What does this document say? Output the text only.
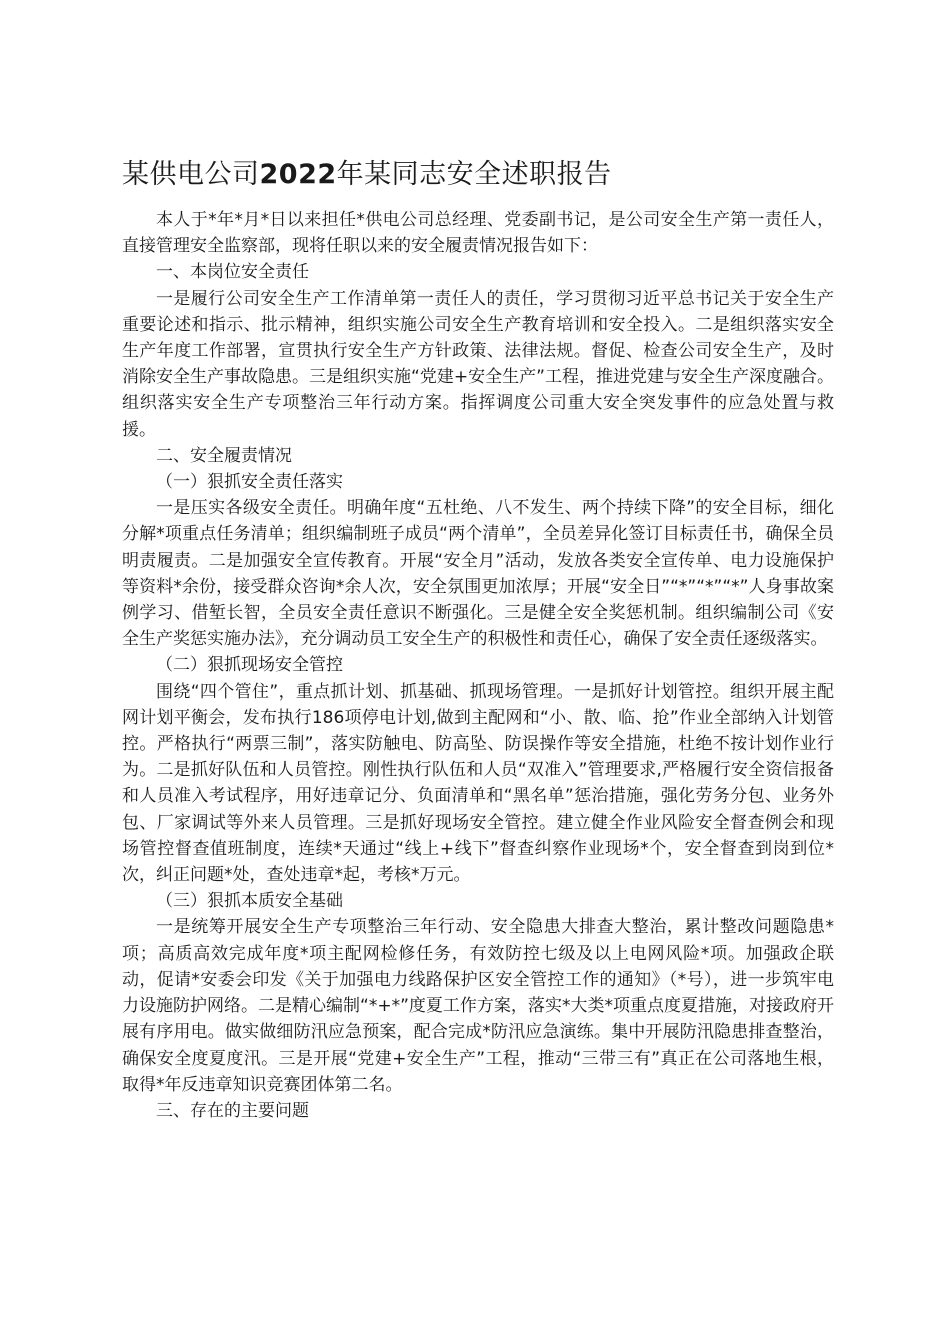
某供电公司2022年某同志安全述职报告

本人于*年*月*日以来担任*供电公司总经理、党委副书记，是公司安全生产第一责任人，直接管理安全监察部，现将任职以来的安全履责情况报告如下：

一、本岗位安全责任

一是履行公司安全生产工作清单第一责任人的责任，学习贯彻习近平总书记关于安全生产重要论述和指示、批示精神，组织实施公司安全生产教育培训和安全投入。二是组织落实安全生产年度工作部署，宣贯执行安全生产方针政策、法律法规。督促、检查公司安全生产，及时消除安全生产事故隐患。三是组织实施“党建+安全生产”工程，推进党建与安全生产深度融合。组织落实安全生产专项整治三年行动方案。指挥调度公司重大安全突发事件的应急处置与救援。

二、安全履责情况

（一）狠抓安全责任落实

一是压实各级安全责任。明确年度“五杜绝、八不发生、两个持续下降”的安全目标，细化分解*项重点任务清单；组织编制班子成员“两个清单”，全员差异化签订目标责任书，确保全员明责履责。二是加强安全宣传教育。开展“安全月”活动，发放各类安全宣传单、电力设施保护等资料*余份，接受群众咨询*余人次，安全氛围更加浓厚；开展“安全日”“*”“*”“*”人身事故案例学习、借堑长智，全员安全责任意识不断强化。三是健全安全奖惩机制。组织编制公司《安全生产奖惩实施办法》，充分调动员工安全生产的积极性和责任心，确保了安全责任逐级落实。

（二）狠抓现场安全管控

围绕“四个管住”，重点抓计划、抓基础、抓现场管理。一是抓好计划管控。组织开展主配网计划平衡会，发布执行186项停电计划,做到主配网和“小、散、临、抢”作业全部纳入计划管控。严格执行“两票三制”，落实防触电、防高坠、防误操作等安全措施，杜绝不按计划作业行为。二是抓好队伍和人员管控。刚性执行队伍和人员“双准入”管理要求,严格履行安全资信报备和人员准入考试程序，用好违章记分、负面清单和“黑名单”惩治措施，强化劳务分包、业务外包、厂家调试等外来人员管理。三是抓好现场安全管控。建立健全作业风险安全督查例会和现场管控督查值班制度，连续*天通过“线上+线下”督查纠察作业现场*个，安全督查到岗到位*次，纠正问题*处，查处违章*起，考核*万元。

（三）狠抓本质安全基础

一是统筹开展安全生产专项整治三年行动、安全隐患大排查大整治，累计整改问题隐患*项；高质高效完成年度*项主配网检修任务，有效防控七级及以上电网风险*项。加强政企联动，促请*安委会印发《关于加强电力线路保护区安全管控工作的通知》（*号），进一步筑牢电力设施防护网络。二是精心编制“*+*”度夏工作方案，落实*大类*项重点度夏措施，对接政府开展有序用电。做实做细防汛应急预案，配合完成*防汛应急演练。集中开展防汛隐患排查整治，确保安全度夏度汛。三是开展“党建+安全生产”工程，推动“三带三有”真正在公司落地生根，取得*年反违章知识竞赛团体第二名。

三、存在的主要问题
